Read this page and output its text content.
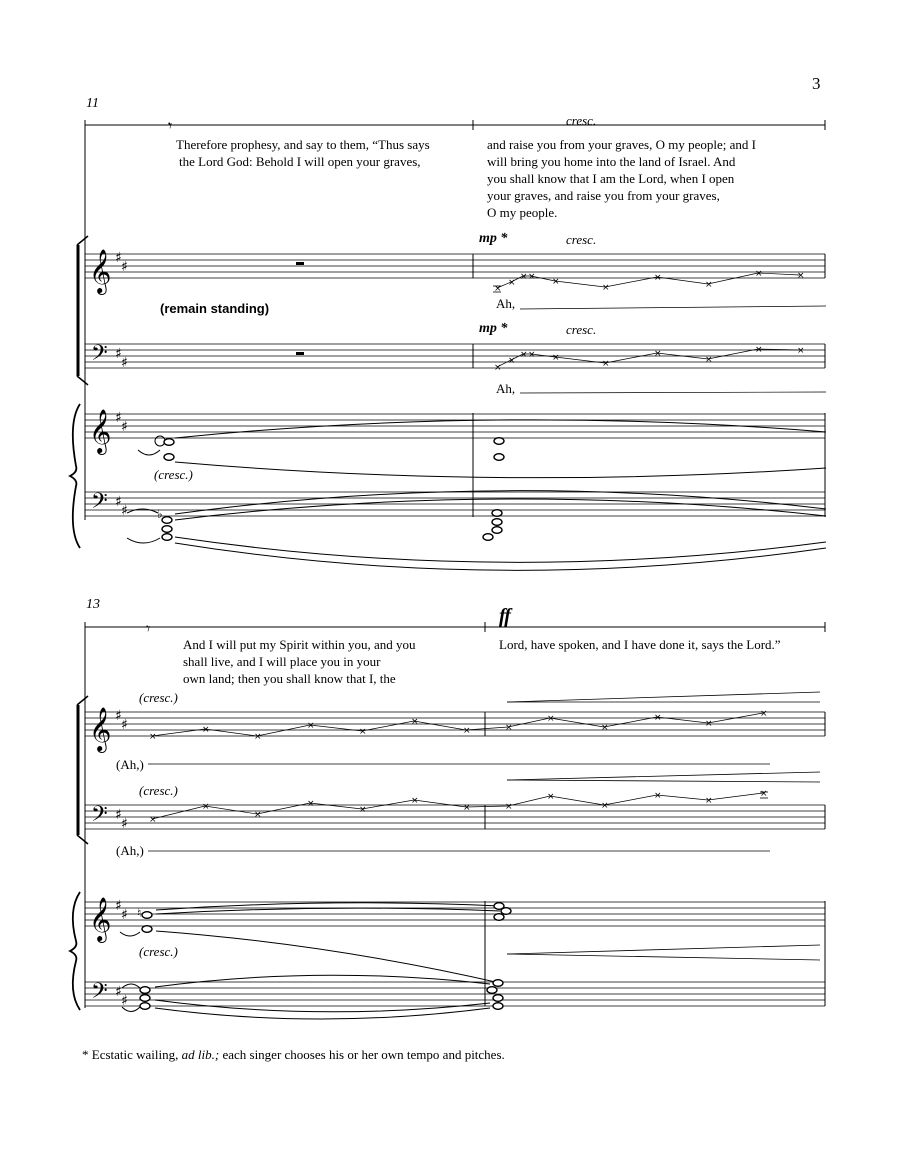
𝄾
𝄞 ♯
♯
𝄢 ♯
♯
𝄞 ♯
♯
𝄢 ♯
♯
×
×
× × ×
×
×
×
×	×
×
×
× × ×
×
×
×
×	×
♭
𝄾
𝄞 ♯
♯
𝄢 ♯
♯
𝄞 ♯
♯
𝄢 ♯
♯
×
×
×
×
×
×
×	×
×
×
×
×
×
×
×
×
×
×
×
×	×
×
×
×	×
×
♮
3
11
cresc.
Therefore prophesy, and say to them, “Thus says
the Lord God: Behold I will open your graves,
and raise you from your graves, O my people; and I
will bring you home into the land of Israel. And
you shall know that I am the Lord, when I open
your graves, and raise you from your graves,
O my people.
mp *	cresc.
Ah,
(remain standing)
mp *	cresc.
Ah,
(cresc.)
13
ff
And I will put my Spirit within you, and you
shall live, and I will place you in your
own land; then you shall know that I, the
Lord, have spoken, and I have done it, says the Lord.”
(cresc.)
(Ah,)
(cresc.)
(Ah,)
(cresc.)
* Ecstatic wailing, ad lib.; each singer chooses his or her own tempo and pitches.
